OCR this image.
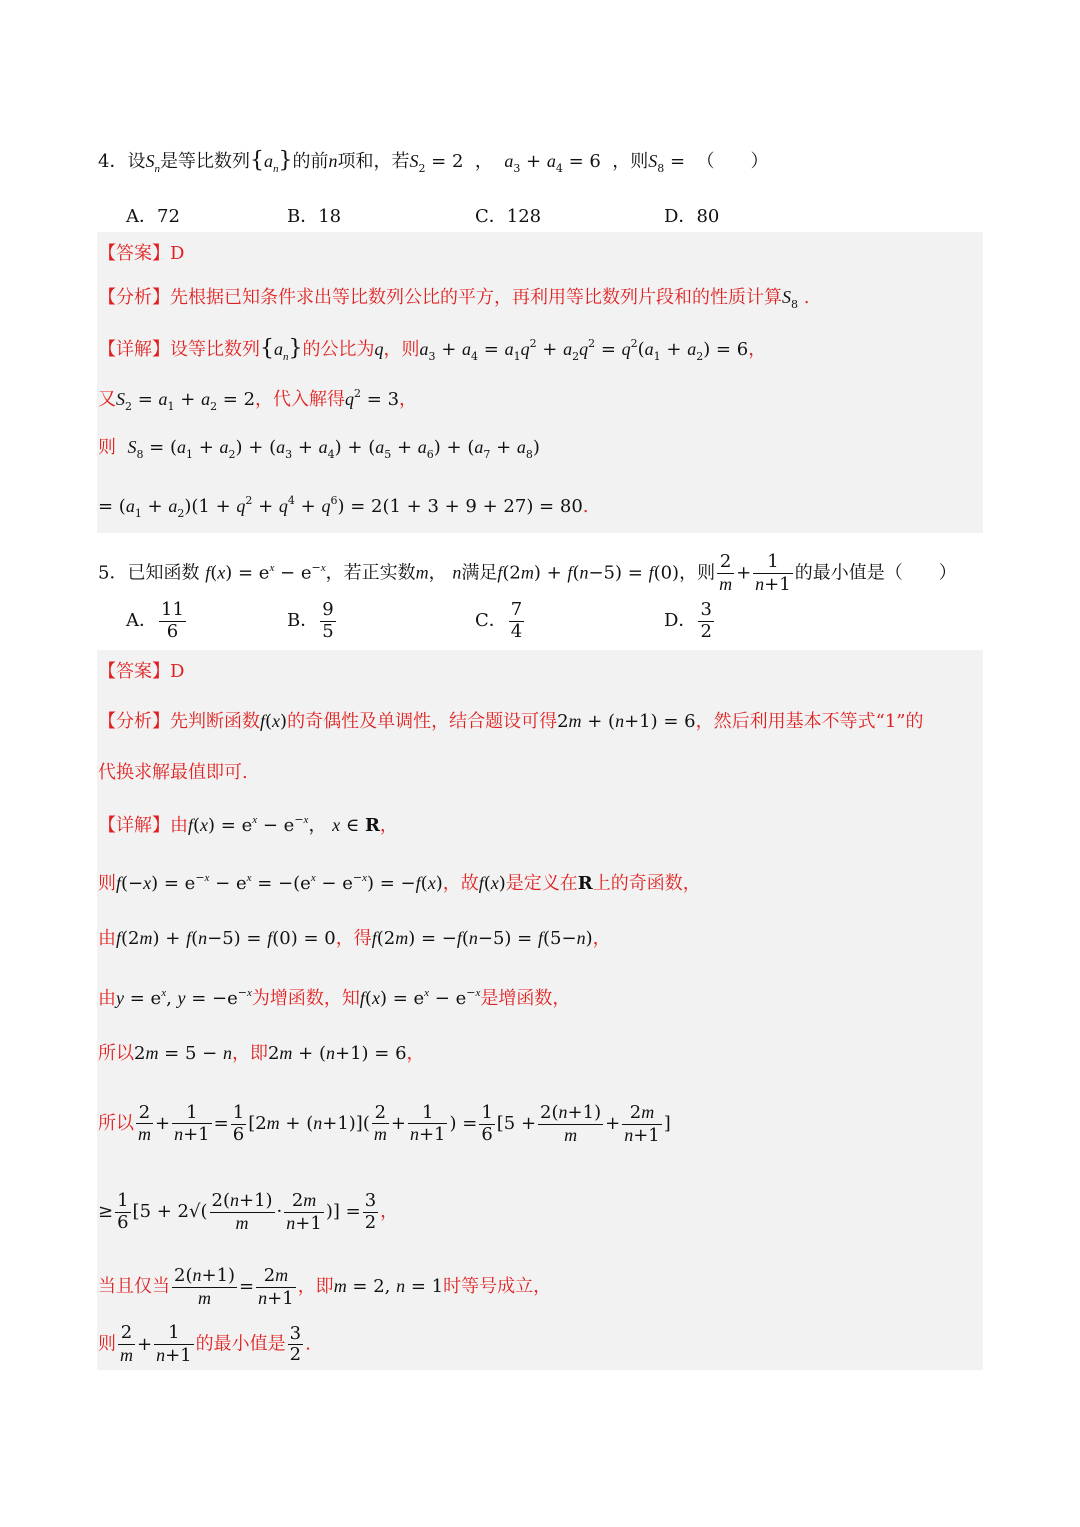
4．设$S_n$是等比数列$\{a_n\}$的前n项和，若$S_2 = 2$  ， $a_3 + a_4 = 6$  ，则$S_8$ =  （　　）
A．72	B．18	C．128	D．80
【答案】D
【分析】先根据已知条件求出等比数列公比的平方，再利用等比数列片段和的性质计算$S_8$ .
【详解】设等比数列$\{a_n\}$的公比为q，则$a_3 + a_4 = a_1q^2 + a_2q^2 = q^2(a_1 + a_2) = 6$，
又$S_2 = a_1 + a_2 = 2$，代入解得$q^2 = 3$，
则 $S_8 = (a_1 + a_2) + (a_3 + a_4) + (a_5 + a_6) + (a_7 + a_8)$
= $(a_1 + a_2)(1 + q^2 + q^4 + q^6) = 2(1 + 3 + 9 + 27) = 80$.
5．已知函数 $f(x) = e^x - e^{-x}$，若正实数m， n满足f(2m) + f(n−5) = f(0)，则 $\frac{2}{m} + \frac{1}{n+1}$ 的最小值是（　　）
A． $\frac{11}{6}$	B． $\frac{9}{5}$	C． $\frac{7}{4}$	D． $\frac{3}{2}$
【答案】D
【分析】先判断函数f(x)的奇偶性及单调性，结合题设可得2m + (n+1) = 6，然后利用基本不等式“1”的
代换求解最值即可.
【详解】由$f(x) = e^x - e^{-x}$， x ∈ R，
则$f(-x) = e^{-x} - e^x = -(e^x - e^{-x}) = -f(x)$，故f(x)是定义在R上的奇函数，
由f(2m) + f(n−5) = f(0) = 0，得f(2m) = −f(n−5) = f(5−n)，
由$y = e^x$, $y = -e^{-x}$为增函数，知$f(x) = e^x - e^{-x}$是增函数，
所以2m = 5 − n，即2m + (n+1) = 6，
所以 $\frac{2}{m} + \frac{1}{n+1} = \frac{1}{6} [2m + (n+1)]( \frac{2}{m} + \frac{1}{n+1}$ ) = $\frac{1}{6} [5 + \frac{2(n+1)}{m} + \frac{2m}{n+1}$ ]
≥ $\frac{1}{6} [5 + 2√( \frac{2(n+1)}{m} \cdot \frac{2m}{n+1}$ )] = $\frac{3}{2}$ ，
当且仅当 $\frac{2(n+1)}{m} = \frac{2m}{n+1}$ ，即m = 2, n = 1时等号成立，
则 $\frac{2}{m} + \frac{1}{n+1}$ 的最小值是 $\frac{3}{2}$ .
